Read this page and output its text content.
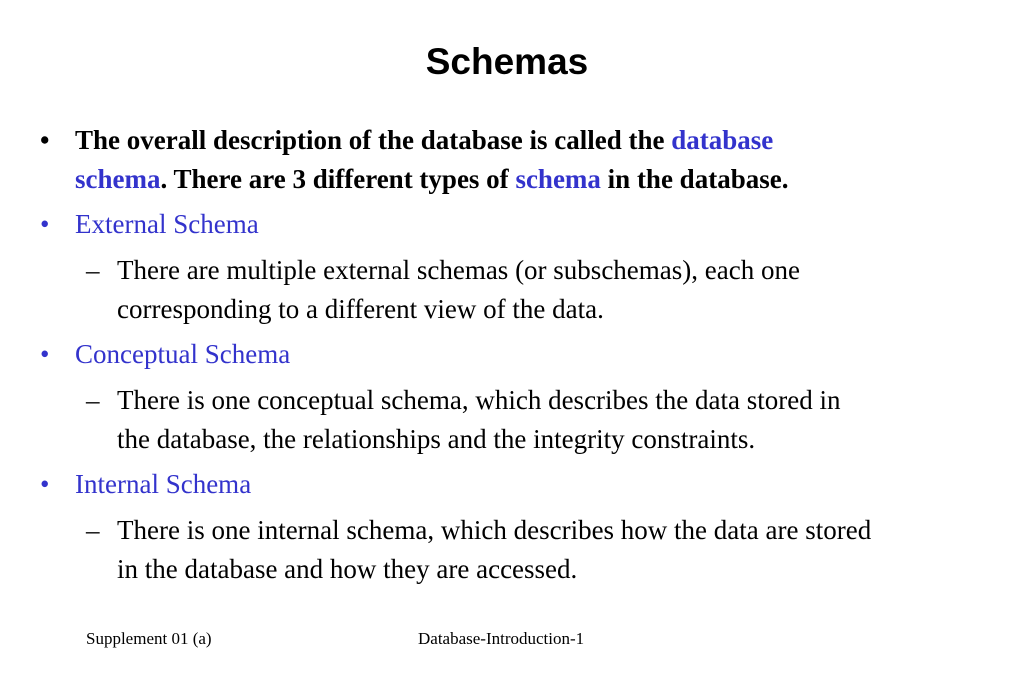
Schemas
• The overall description of the database is called the database
schema. There are 3 different types of schema in the database.
• External Schema
– There are multiple external schemas (or subschemas), each one
corresponding to a different view of the data.
• Conceptual Schema
– There is one conceptual schema, which describes the data stored in
the database, the relationships and the integrity constraints.
• Internal Schema
– There is one internal schema, which describes how the data are stored
in the database and how they are accessed.
Supplement 01 (a)	Database-Introduction-1
